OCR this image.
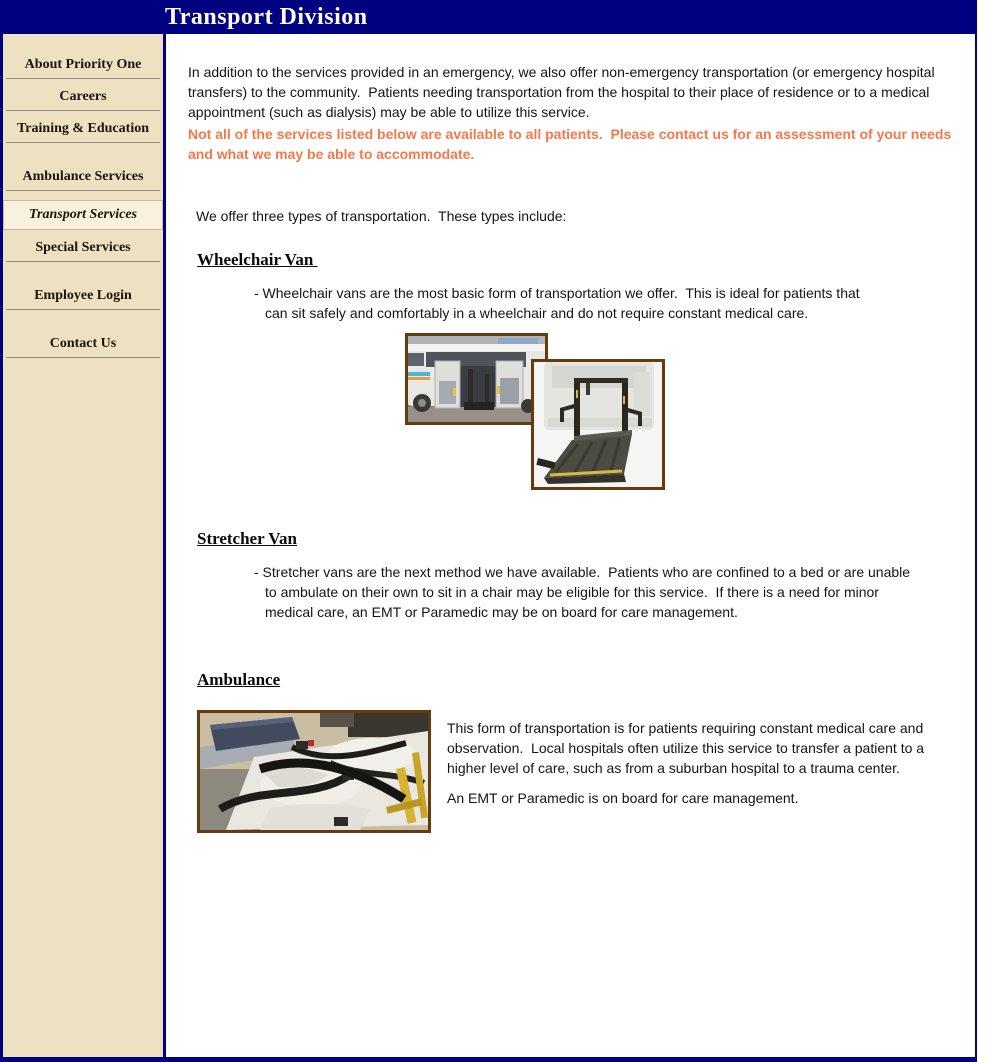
Transport Division
About Priority One
Careers
Training & Education
Ambulance Services
Transport Services
Special Services
Employee Login
Contact Us
In addition to the services provided in an emergency, we also offer non-emergency transportation (or emergency hospital transfers) to the community.  Patients needing transportation from the hospital to their place of residence or to a medical appointment (such as dialysis) may be able to utilize this service.
Not all of the services listed below are available to all patients.  Please contact us for an assessment of your needs and what we may be able to accommodate.
We offer three types of transportation.  These types include:
Wheelchair Van
- Wheelchair vans are the most basic form of transportation we offer.  This is ideal for patients that can sit safely and comfortably in a wheelchair and do not require constant medical care.
Stretcher Van
- Stretcher vans are the next method we have available.  Patients who are confined to a bed or are unable to ambulate on their own to sit in a chair may be eligible for this service.  If there is a need for minor medical care, an EMT or Paramedic may be on board for care management.
Ambulance
This form of transportation is for patients requiring constant medical care and observation.  Local hospitals often utilize this service to transfer a patient to a higher level of care, such as from a suburban hospital to a trauma center.
An EMT or Paramedic is on board for care management.
